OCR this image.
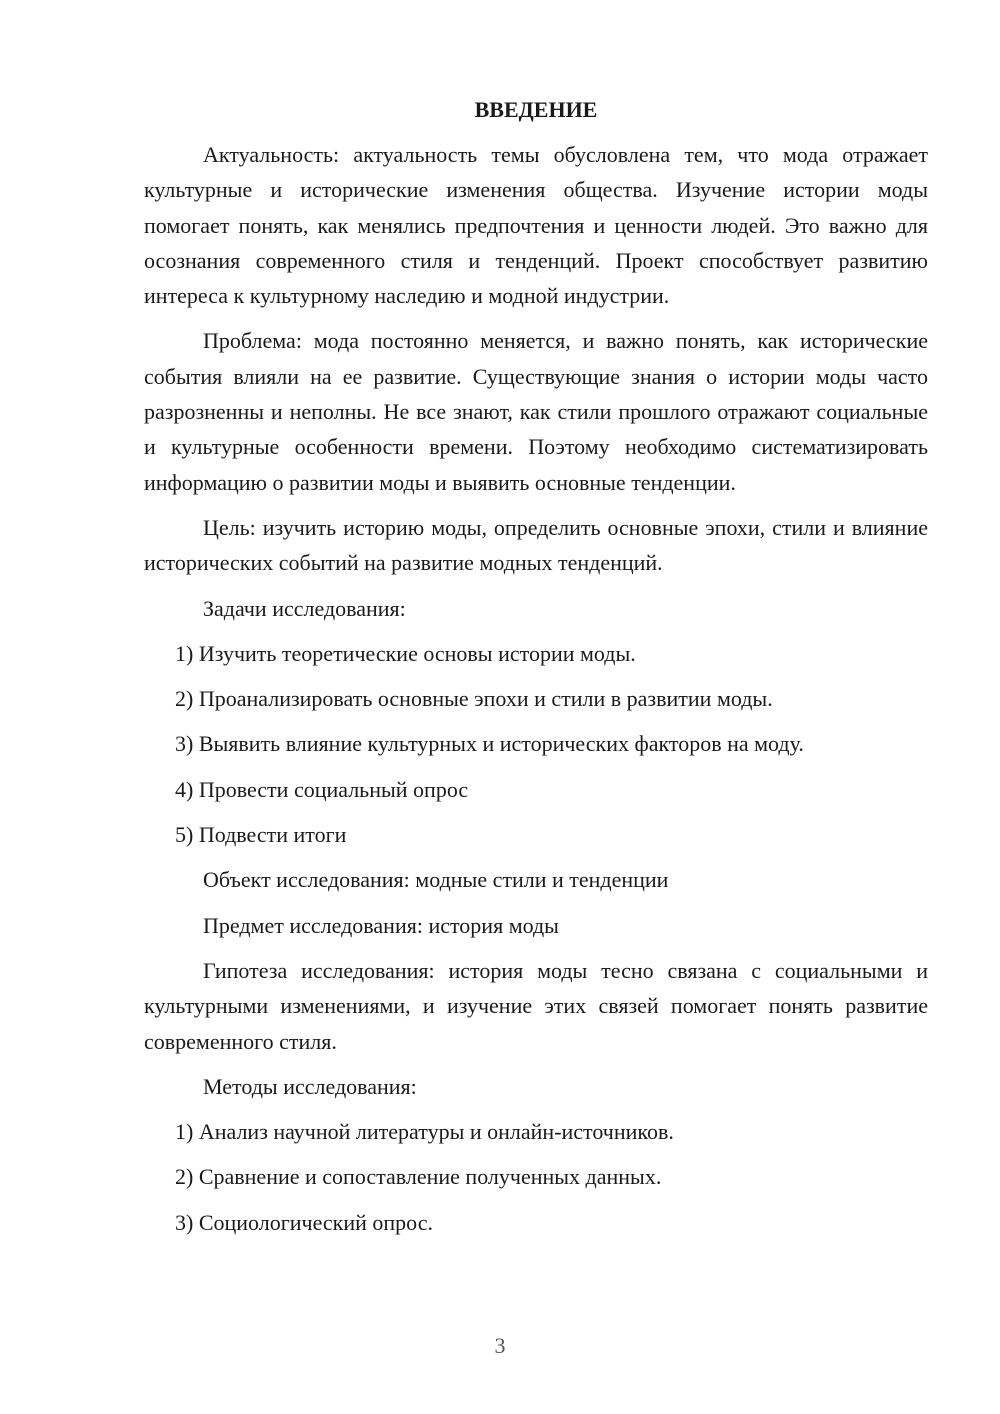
ВВЕДЕНИЕ

Актуальность: актуальность темы обусловлена тем, что мода отражает культурные и исторические изменения общества. Изучение истории моды помогает понять, как менялись предпочтения и ценности людей. Это важно для осознания современного стиля и тенденций. Проект способствует развитию интереса к культурному наследию и модной индустрии.

Проблема: мода постоянно меняется, и важно понять, как исторические события влияли на ее развитие. Существующие знания о истории моды часто разрозненны и неполны. Не все знают, как стили прошлого отражают социальные и культурные особенности времени. Поэтому необходимо систематизировать информацию о развитии моды и выявить основные тенденции.

Цель: изучить историю моды, определить основные эпохи, стили и влияние исторических событий на развитие модных тенденций.

Задачи исследования:
1) Изучить теоретические основы истории моды.
2) Проанализировать основные эпохи и стили в развитии моды.
3) Выявить влияние культурных и исторических факторов на моду.
4) Провести социальный опрос
5) Подвести итоги
Объект исследования: модные стили и тенденции
Предмет исследования: история моды

Гипотеза исследования: история моды тесно связана с социальными и культурными изменениями, и изучение этих связей помогает понять развитие современного стиля.

Методы исследования:
1) Анализ научной литературы и онлайн-источников.
2) Сравнение и сопоставление полученных данных.
3) Социологический опрос.
3
